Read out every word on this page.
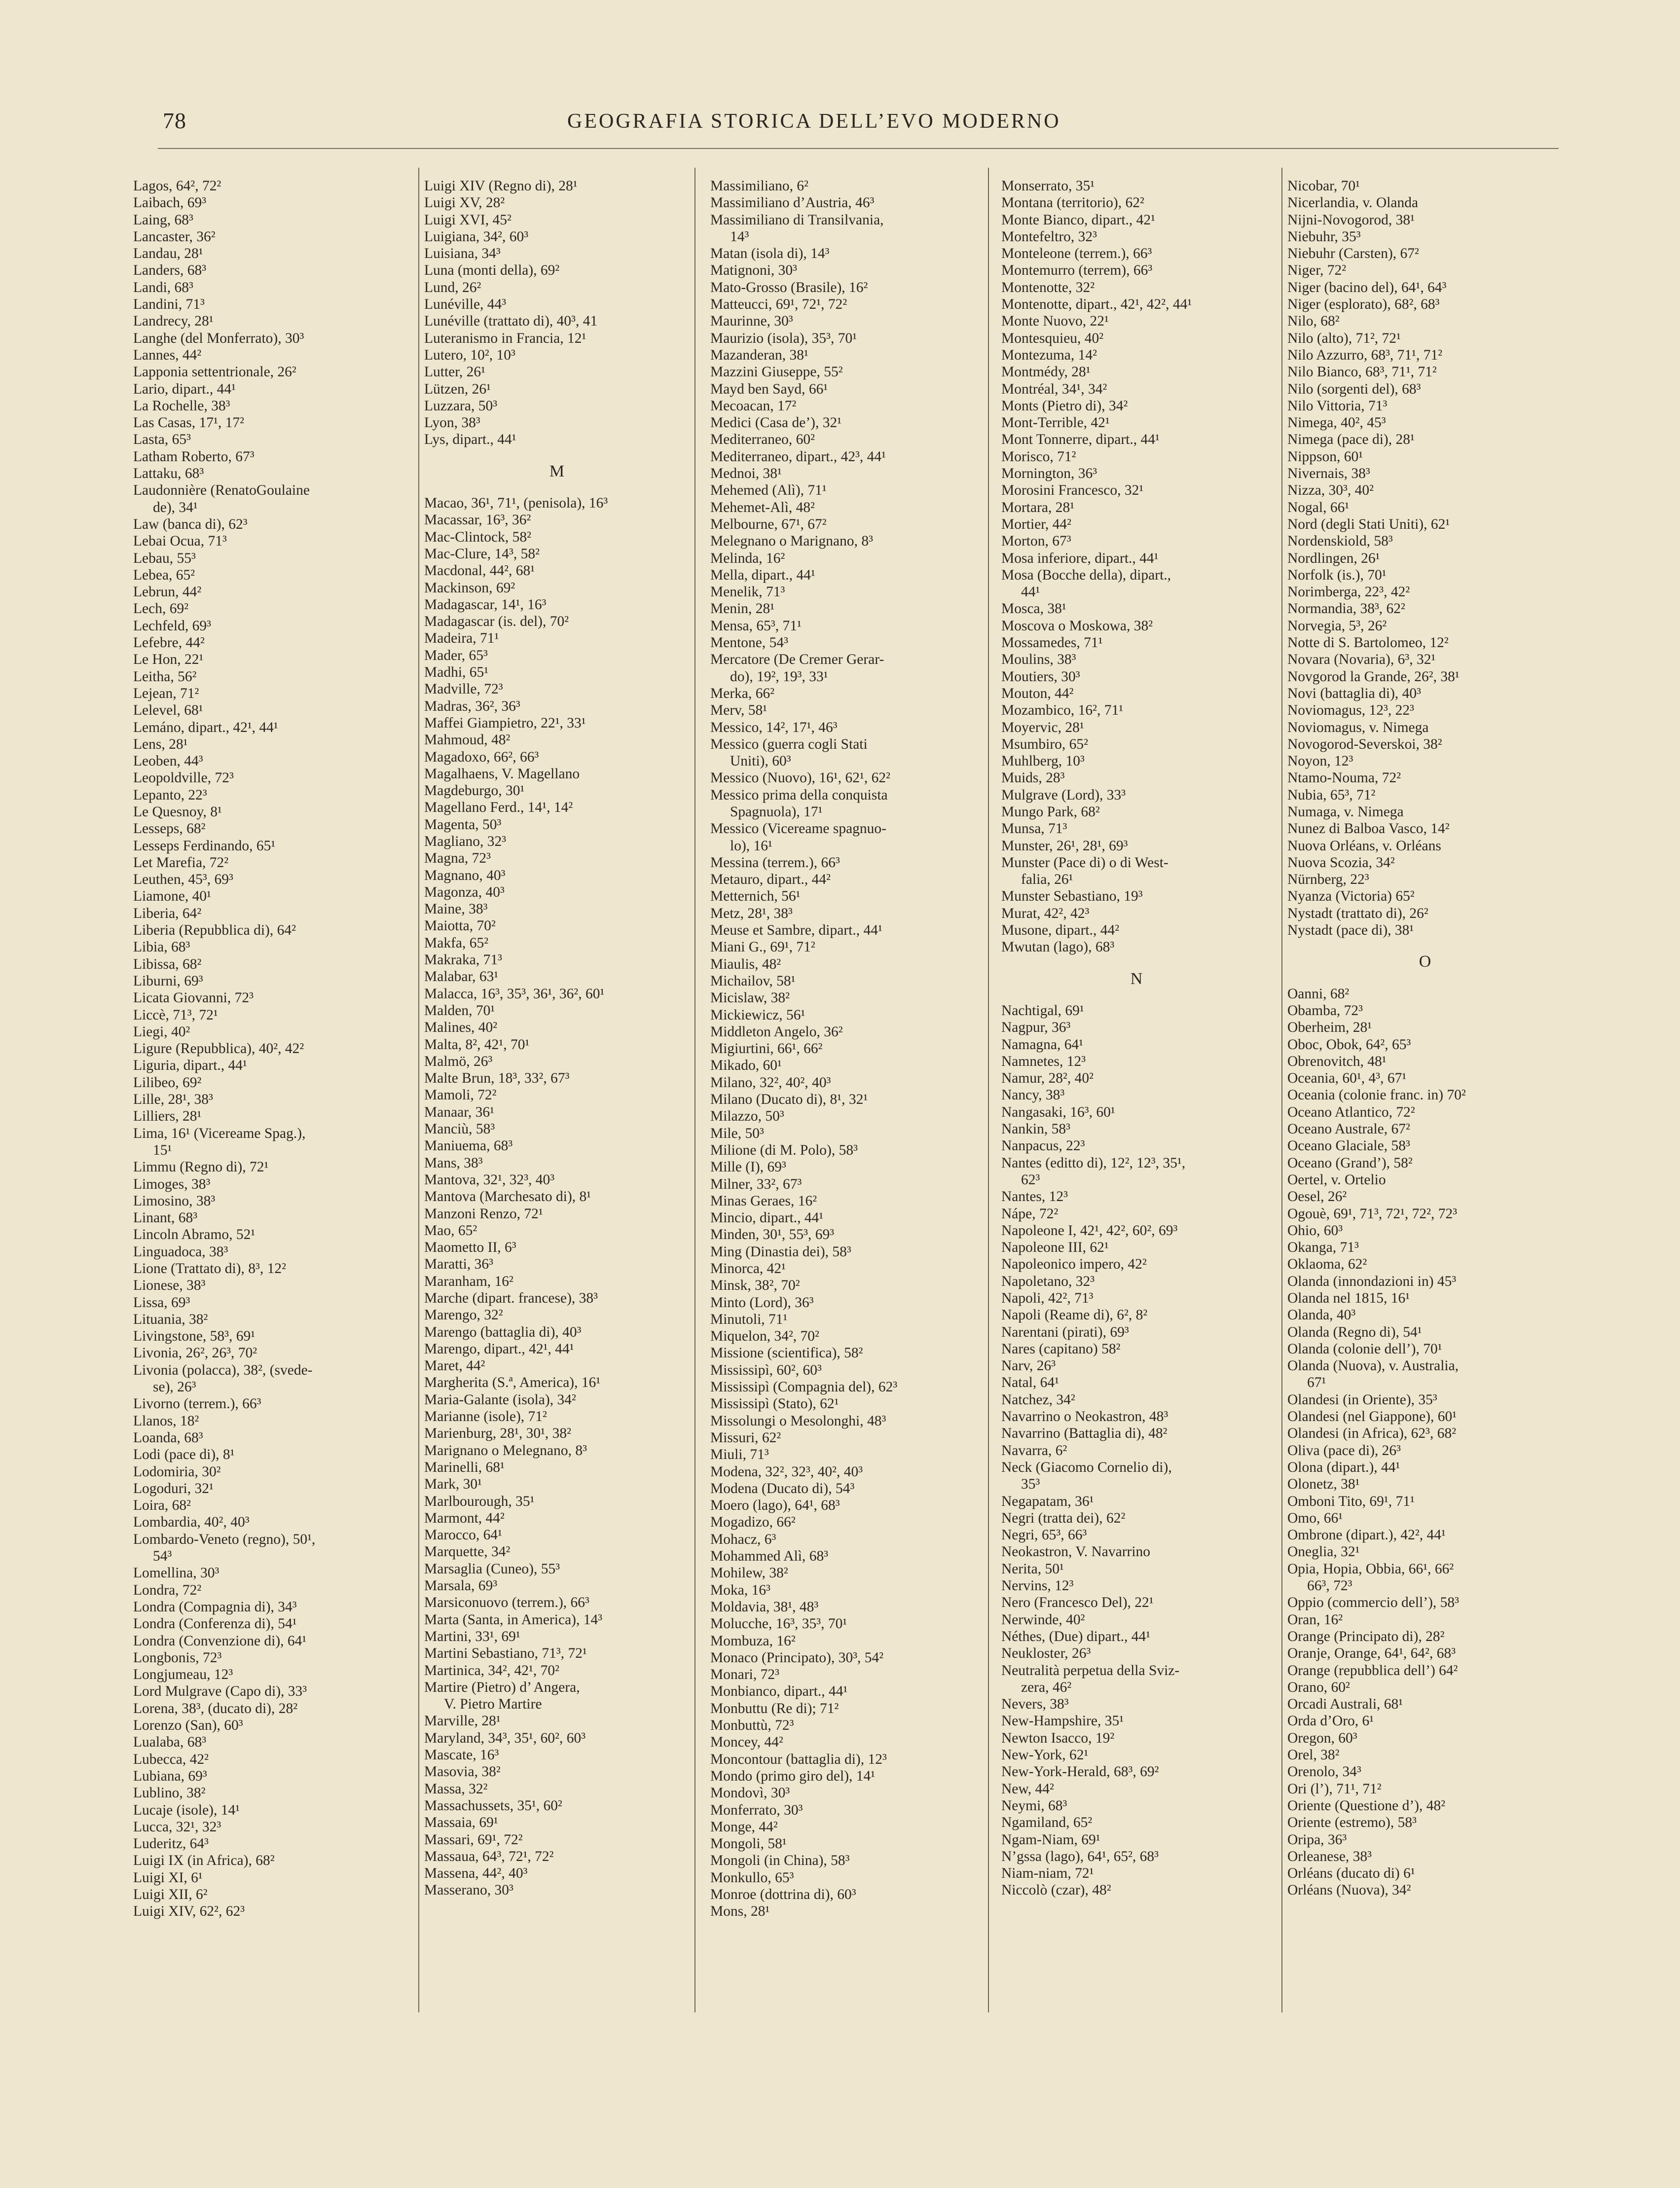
78	GEOGRAFIA STORICA DELL’EVO MODERNO
Lagos, 64², 72²
Laibach, 69³
Laing, 68³
Lancaster, 36²
Landau, 28¹
Landers, 68³
Landi, 68³
Landini, 71³
Landrecy, 28¹
Langhe (del Monferrato), 30³
Lannes, 44²
Lapponia settentrionale, 26²
Lario, dipart., 44¹
La Rochelle, 38³
Las Casas, 17¹, 17²
Lasta, 65³
Latham Roberto, 67³
Lattaku, 68³
Laudonnière (RenatoGoulaine
de), 34¹
Law (banca di), 62³
Lebai Ocua, 71³
Lebau, 55³
Lebea, 65²
Lebrun, 44²
Lech, 69²
Lechfeld, 69³
Lefebre, 44²
Le Hon, 22¹
Leitha, 56²
Lejean, 71²
Lelevel, 68¹
Lemáno, dipart., 42¹, 44¹
Lens, 28¹
Leoben, 44³
Leopoldville, 72³
Lepanto, 22³
Le Quesnoy, 8¹
Lesseps, 68²
Lesseps Ferdinando, 65¹
Let Marefia, 72²
Leuthen, 45³, 69³
Liamone, 40¹
Liberia, 64²
Liberia (Repubblica di), 64²
Libia, 68³
Libissa, 68²
Liburni, 69³
Licata Giovanni, 72³
Liccè, 71³, 72¹
Liegi, 40²
Ligure (Repubblica), 40², 42²
Liguria, dipart., 44¹
Lilibeo, 69²
Lille, 28¹, 38³
Lilliers, 28¹
Lima, 16¹ (Vicereame Spag.),
15¹
Limmu (Regno di), 72¹
Limoges, 38³
Limosino, 38³
Linant, 68³
Lincoln Abramo, 52¹
Linguadoca, 38³
Lione (Trattato di), 8³, 12²
Lionese, 38³
Lissa, 69³
Lituania, 38²
Livingstone, 58³, 69¹
Livonia, 26², 26³, 70²
Livonia (polacca), 38², (svede-
se), 26³
Livorno (terrem.), 66³
Llanos, 18²
Loanda, 68³
Lodi (pace di), 8¹
Lodomiria, 30²
Logoduri, 32¹
Loira, 68²
Lombardia, 40², 40³
Lombardo-Veneto (regno), 50¹,
54³
Lomellina, 30³
Londra, 72²
Londra (Compagnia di), 34³
Londra (Conferenza di), 54¹
Londra (Convenzione di), 64¹
Longbonis, 72³
Longjumeau, 12³
Lord Mulgrave (Capo di), 33³
Lorena, 38³, (ducato di), 28²
Lorenzo (San), 60³
Lualaba, 68³
Lubecca, 42²
Lubiana, 69³
Lublino, 38²
Lucaje (isole), 14¹
Lucca, 32¹, 32³
Luderitz, 64³
Luigi IX (in Africa), 68²
Luigi XI, 6¹
Luigi XII, 6²
Luigi XIV, 62², 62³
Luigi XIV (Regno di), 28¹
Luigi XV, 28²
Luigi XVI, 45²
Luigiana, 34², 60³
Luisiana, 34³
Luna (monti della), 69²
Lund, 26²
Lunéville, 44³
Lunéville (trattato di), 40³, 41
Luteranismo in Francia, 12¹
Lutero, 10², 10³
Lutter, 26¹
Lützen, 26¹
Luzzara, 50³
Lyon, 38³
Lys, dipart., 44¹
M
Macao, 36¹, 71¹, (penisola), 16³
Macassar, 16³, 36²
Mac-Clintock, 58²
Mac-Clure, 14³, 58²
Macdonal, 44², 68¹
Mackinson, 69²
Madagascar, 14¹, 16³
Madagascar (is. del), 70²
Madeira, 71¹
Mader, 65³
Madhi, 65¹
Madville, 72³
Madras, 36², 36³
Maffei Giampietro, 22¹, 33¹
Mahmoud, 48²
Magadoxo, 66², 66³
Magalhaens, V. Magellano
Magdeburgo, 30¹
Magellano Ferd., 14¹, 14²
Magenta, 50³
Magliano, 32³
Magna, 72³
Magnano, 40³
Magonza, 40³
Maine, 38³
Maiotta, 70²
Makfa, 65²
Makraka, 71³
Malabar, 63¹
Malacca, 16³, 35³, 36¹, 36², 60¹
Malden, 70¹
Malines, 40²
Malta, 8², 42¹, 70¹
Malmö, 26³
Malte Brun, 18³, 33², 67³
Mamoli, 72²
Manaar, 36¹
Manciù, 58³
Maniuema, 68³
Mans, 38³
Mantova, 32¹, 32³, 40³
Mantova (Marchesato di), 8¹
Manzoni Renzo, 72¹
Mao, 65²
Maometto II, 6³
Maratti, 36³
Maranham, 16²
Marche (dipart. francese), 38³
Marengo, 32²
Marengo (battaglia di), 40³
Marengo, dipart., 42¹, 44¹
Maret, 44²
Margherita (S.ª, America), 16¹
Maria-Galante (isola), 34²
Marianne (isole), 71²
Marienburg, 28¹, 30¹, 38²
Marignano o Melegnano, 8³
Marinelli, 68¹
Mark, 30¹
Marlbourough, 35¹
Marmont, 44²
Marocco, 64¹
Marquette, 34²
Marsaglia (Cuneo), 55³
Marsala, 69³
Marsiconuovo (terrem.), 66³
Marta (Santa, in America), 14³
Martini, 33¹, 69¹
Martini Sebastiano, 71³, 72¹
Martinica, 34², 42¹, 70²
Martire (Pietro) d’ Angera,
V. Pietro Martire
Marville, 28¹
Maryland, 34³, 35¹, 60², 60³
Mascate, 16³
Masovia, 38²
Massa, 32²
Massachussets, 35¹, 60²
Massaia, 69¹
Massari, 69¹, 72²
Massaua, 64³, 72¹, 72²
Massena, 44², 40³
Masserano, 30³
Massimiliano, 6²
Massimiliano d’Austria, 46³
Massimiliano di Transilvania,
14³
Matan (isola di), 14³
Matignoni, 30³
Mato-Grosso (Brasile), 16²
Matteucci, 69¹, 72¹, 72²
Maurinne, 30³
Maurizio (isola), 35³, 70¹
Mazanderan, 38¹
Mazzini Giuseppe, 55²
Mayd ben Sayd, 66¹
Mecoacan, 17²
Medici (Casa de’), 32¹
Mediterraneo, 60²
Mediterraneo, dipart., 42³, 44¹
Mednoi, 38¹
Mehemed (Alì), 71¹
Mehemet-Alì, 48²
Melbourne, 67¹, 67²
Melegnano o Marignano, 8³
Melinda, 16²
Mella, dipart., 44¹
Menelik, 71³
Menin, 28¹
Mensa, 65³, 71¹
Mentone, 54³
Mercatore (De Cremer Gerar-
do), 19², 19³, 33¹
Merka, 66²
Merv, 58¹
Messico, 14², 17¹, 46³
Messico (guerra cogli Stati
Uniti), 60³
Messico (Nuovo), 16¹, 62¹, 62²
Messico prima della conquista
Spagnuola), 17¹
Messico (Vicereame spagnuo-
lo), 16¹
Messina (terrem.), 66³
Metauro, dipart., 44²
Metternich, 56¹
Metz, 28¹, 38³
Meuse et Sambre, dipart., 44¹
Miani G., 69¹, 71²
Miaulis, 48²
Michailov, 58¹
Micislaw, 38²
Mickiewicz, 56¹
Middleton Angelo, 36²
Migiurtini, 66¹, 66²
Mikado, 60¹
Milano, 32², 40², 40³
Milano (Ducato di), 8¹, 32¹
Milazzo, 50³
Mile, 50³
Milione (di M. Polo), 58³
Mille (I), 69³
Milner, 33², 67³
Minas Geraes, 16²
Mincio, dipart., 44¹
Minden, 30¹, 55³, 69³
Ming (Dinastia dei), 58³
Minorca, 42¹
Minsk, 38², 70²
Minto (Lord), 36³
Minutoli, 71¹
Miquelon, 34², 70²
Missione (scientifica), 58²
Mississipì, 60², 60³
Mississipì (Compagnia del), 62³
Mississipì (Stato), 62¹
Missolungi o Mesolonghi, 48³
Missuri, 62²
Miuli, 71³
Modena, 32², 32³, 40², 40³
Modena (Ducato di), 54³
Moero (lago), 64¹, 68³
Mogadizo, 66²
Mohacz, 6³
Mohammed Alì, 68³
Mohilew, 38²
Moka, 16³
Moldavia, 38¹, 48³
Molucche, 16³, 35³, 70¹
Mombuza, 16²
Monaco (Principato), 30³, 54²
Monari, 72³
Monbianco, dipart., 44¹
Monbuttu (Re di); 71²
Monbuttù, 72³
Moncey, 44²
Moncontour (battaglia di), 12³
Mondo (primo giro del), 14¹
Mondovì, 30³
Monferrato, 30³
Monge, 44²
Mongoli, 58¹
Mongoli (in China), 58³
Monkullo, 65³
Monroe (dottrina di), 60³
Mons, 28¹
Monserrato, 35¹
Montana (territorio), 62²
Monte Bianco, dipart., 42¹
Montefeltro, 32³
Monteleone (terrem.), 66³
Montemurro (terrem), 66³
Montenotte, 32²
Montenotte, dipart., 42¹, 42², 44¹
Monte Nuovo, 22¹
Montesquieu, 40²
Montezuma, 14²
Montmédy, 28¹
Montréal, 34¹, 34²
Monts (Pietro di), 34²
Mont-Terrible, 42¹
Mont Tonnerre, dipart., 44¹
Morisco, 71²
Mornington, 36³
Morosini Francesco, 32¹
Mortara, 28¹
Mortier, 44²
Morton, 67³
Mosa inferiore, dipart., 44¹
Mosa (Bocche della), dipart.,
44¹
Mosca, 38¹
Moscova o Moskowa, 38²
Mossamedes, 71¹
Moulins, 38³
Moutiers, 30³
Mouton, 44²
Mozambico, 16², 71¹
Moyervic, 28¹
Msumbiro, 65²
Muhlberg, 10³
Muids, 28³
Mulgrave (Lord), 33³
Mungo Park, 68²
Munsa, 71³
Munster, 26¹, 28¹, 69³
Munster (Pace di) o di West-
falia, 26¹
Munster Sebastiano, 19³
Murat, 42², 42³
Musone, dipart., 44²
Mwutan (lago), 68³
N
Nachtigal, 69¹
Nagpur, 36³
Namagna, 64¹
Namnetes, 12³
Namur, 28², 40²
Nancy, 38³
Nangasaki, 16³, 60¹
Nankin, 58³
Nanpacus, 22³
Nantes (editto di), 12², 12³, 35¹,
62³
Nantes, 12³
Nápe, 72²
Napoleone I, 42¹, 42², 60², 69³
Napoleone III, 62¹
Napoleonico impero, 42²
Napoletano, 32³
Napoli, 42², 71³
Napoli (Reame di), 6², 8²
Narentani (pirati), 69³
Nares (capitano) 58²
Narv, 26³
Natal, 64¹
Natchez, 34²
Navarrino o Neokastron, 48³
Navarrino (Battaglia di), 48²
Navarra, 6²
Neck (Giacomo Cornelio di),
35³
Negapatam, 36¹
Negri (tratta dei), 62²
Negri, 65³, 66³
Neokastron, V. Navarrino
Nerita, 50¹
Nervins, 12³
Nero (Francesco Del), 22¹
Nerwinde, 40²
Néthes, (Due) dipart., 44¹
Neukloster, 26³
Neutralità perpetua della Sviz-
zera, 46²
Nevers, 38³
New-Hampshire, 35¹
Newton Isacco, 19²
New-York, 62¹
New-York-Herald, 68³, 69²
New, 44²
Neymi, 68³
Ngamiland, 65²
Ngam-Niam, 69¹
N’gssa (lago), 64¹, 65², 68³
Niam-niam, 72¹
Niccolò (czar), 48²
Nicobar, 70¹
Nicerlandia, v. Olanda
Nijni-Novogorod, 38¹
Niebuhr, 35³
Niebuhr (Carsten), 67²
Niger, 72²
Niger (bacino del), 64¹, 64³
Niger (esplorato), 68², 68³
Nilo, 68²
Nilo (alto), 71², 72¹
Nilo Azzurro, 68³, 71¹, 71²
Nilo Bianco, 68³, 71¹, 71²
Nilo (sorgenti del), 68³
Nilo Vittoria, 71³
Nimega, 40², 45³
Nimega (pace di), 28¹
Nippson, 60¹
Nivernais, 38³
Nizza, 30³, 40²
Nogal, 66¹
Nord (degli Stati Uniti), 62¹
Nordenskiold, 58³
Nordlingen, 26¹
Norfolk (is.), 70¹
Norimberga, 22³, 42²
Normandia, 38³, 62²
Norvegia, 5³, 26²
Notte di S. Bartolomeo, 12²
Novara (Novaria), 6³, 32¹
Novgorod la Grande, 26², 38¹
Novi (battaglia di), 40³
Noviomagus, 12³, 22³
Noviomagus, v. Nimega
Novogorod-Severskoi, 38²
Noyon, 12³
Ntamo-Nouma, 72²
Nubia, 65³, 71²
Numaga, v. Nimega
Nunez di Balboa Vasco, 14²
Nuova Orléans, v. Orléans
Nuova Scozia, 34²
Nürnberg, 22³
Nyanza (Victoria) 65²
Nystadt (trattato di), 26²
Nystadt (pace di), 38¹
O
Oanni, 68²
Obamba, 72³
Oberheim, 28¹
Oboc, Obok, 64², 65³
Obrenovitch, 48¹
Oceania, 60¹, 4³, 67¹
Oceania (colonie franc. in) 70²
Oceano Atlantico, 72²
Oceano Australe, 67²
Oceano Glaciale, 58³
Oceano (Grand’), 58²
Oertel, v. Ortelio
Oesel, 26²
Ogouè, 69¹, 71³, 72¹, 72², 72³
Ohio, 60³
Okanga, 71³
Oklaoma, 62²
Olanda (innondazioni in) 45³
Olanda nel 1815, 16¹
Olanda, 40³
Olanda (Regno di), 54¹
Olanda (colonie dell’), 70¹
Olanda (Nuova), v. Australia,
67¹
Olandesi (in Oriente), 35³
Olandesi (nel Giappone), 60¹
Olandesi (in Africa), 62³, 68²
Oliva (pace di), 26³
Olona (dipart.), 44¹
Olonetz, 38¹
Omboni Tito, 69¹, 71¹
Omo, 66¹
Ombrone (dipart.), 42², 44¹
Oneglia, 32¹
Opia, Hopia, Obbia, 66¹, 66²
66³, 72³
Oppio (commercio dell’), 58³
Oran, 16²
Orange (Principato di), 28²
Oranje, Orange, 64¹, 64², 68³
Orange (repubblica dell’) 64²
Orano, 60²
Orcadi Australi, 68¹
Orda d’Oro, 6¹
Oregon, 60³
Orel, 38²
Orenolo, 34³
Ori (l’), 71¹, 71²
Oriente (Questione d’), 48²
Oriente (estremo), 58³
Oripa, 36³
Orleanese, 38³
Orléans (ducato di) 6¹
Orléans (Nuova), 34²
